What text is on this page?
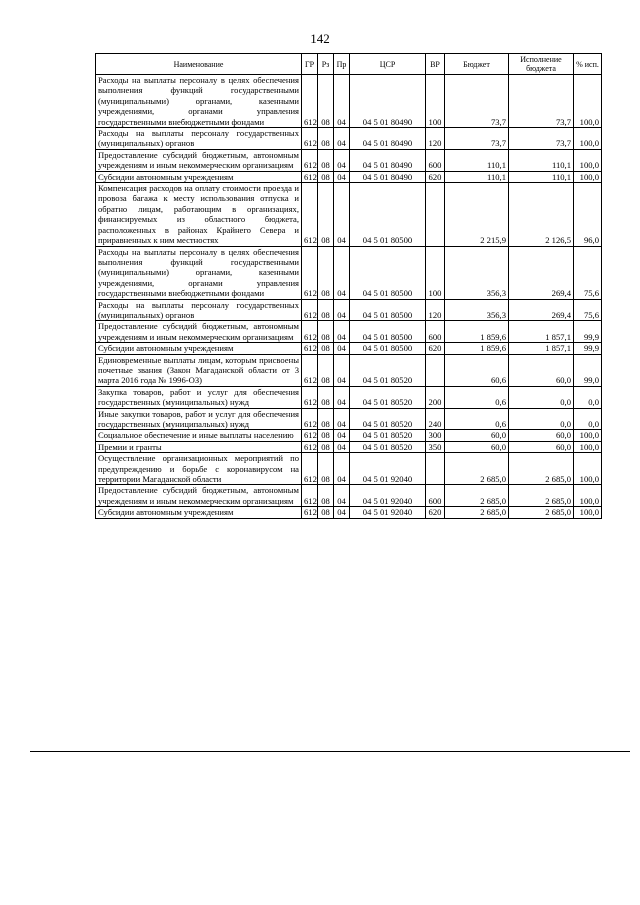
142
Наименование	ГР	Рз	Пр	ЦСР	ВР	Бюджет	Исполнение бюджета	% исп.
Расходы на выплаты персоналу в целях обеспечения выполнения функций государственными (муниципальными) органами, казенными учреждениями, органами управления государственными внебюджетными фондами	612	08	04	04 5 01 80490	100	73,7	73,7	100,0
Расходы на выплаты персоналу государственных (муниципальных) органов	612	08	04	04 5 01 80490	120	73,7	73,7	100,0
Предоставление субсидий бюджетным, автономным учреждениям и иным некоммерческим организациям	612	08	04	04 5 01 80490	600	110,1	110,1	100,0
Субсидии автономным учреждениям	612	08	04	04 5 01 80490	620	110,1	110,1	100,0
Компенсация расходов на оплату стоимости проезда и провоза багажа к месту использования отпуска и обратно лицам, работающим в организациях, финансируемых из областного бюджета, расположенных в районах Крайнего Севера и приравненных к ним местностях	612	08	04	04 5 01 80500		2 215,9	2 126,5	96,0
Расходы на выплаты персоналу в целях обеспечения выполнения функций государственными (муниципальными) органами, казенными учреждениями, органами управления государственными внебюджетными фондами	612	08	04	04 5 01 80500	100	356,3	269,4	75,6
Расходы на выплаты персоналу государственных (муниципальных) органов	612	08	04	04 5 01 80500	120	356,3	269,4	75,6
Предоставление субсидий бюджетным, автономным учреждениям и иным некоммерческим организациям	612	08	04	04 5 01 80500	600	1 859,6	1 857,1	99,9
Субсидии автономным учреждениям	612	08	04	04 5 01 80500	620	1 859,6	1 857,1	99,9
Единовременные выплаты лицам, которым присвоены почетные звания (Закон Магаданской области от 3 марта 2016 года № 1996-ОЗ)	612	08	04	04 5 01 80520		60,6	60,0	99,0
Закупка товаров, работ и услуг для обеспечения государственных (муниципальных) нужд	612	08	04	04 5 01 80520	200	0,6	0,0	0,0
Иные закупки товаров, работ и услуг для обеспечения государственных (муниципальных) нужд	612	08	04	04 5 01 80520	240	0,6	0,0	0,0
Социальное обеспечение и иные выплаты населению	612	08	04	04 5 01 80520	300	60,0	60,0	100,0
Премии и гранты	612	08	04	04 5 01 80520	350	60,0	60,0	100,0
Осуществление организационных мероприятий по предупреждению и борьбе с коронавирусом на территории Магаданской области	612	08	04	04 5 01 92040		2 685,0	2 685,0	100,0
Предоставление субсидий бюджетным, автономным учреждениям и иным некоммерческим организациям	612	08	04	04 5 01 92040	600	2 685,0	2 685,0	100,0
Субсидии автономным учреждениям	612	08	04	04 5 01 92040	620	2 685,0	2 685,0	100,0
